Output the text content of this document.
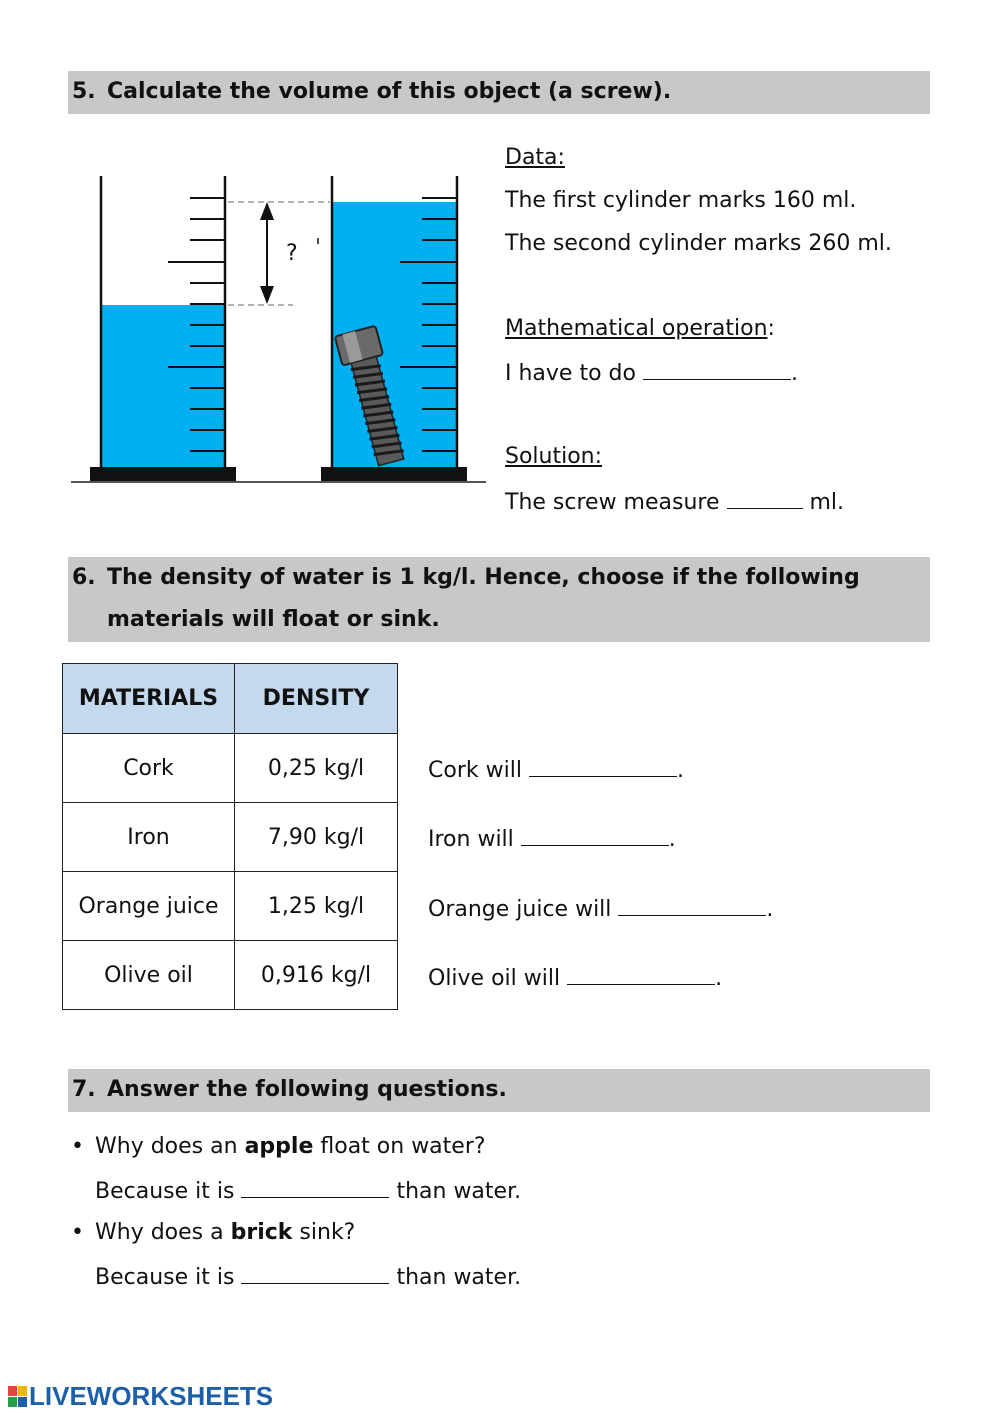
5. Calculate the volume of this object (a screw).
?
Data:
The first cylinder marks 160 ml.
The second cylinder marks 260 ml.
Mathematical operation:
I have to do	.
Solution:
The screw measure	ml.
6. The density of water is 1 kg/l. Hence, choose if the following
materials will float or sink.
MATERIALS	DENSITY
Cork	0,25 kg/l
Iron	7,90 kg/l
Orange juice	1,25 kg/l
Olive oil	0,916 kg/l
Cork will	.
Iron will	.
Orange juice will	.
Olive oil will	.
7. Answer the following questions.
• Why does an apple float on water?
Because it is	than water.
• Why does a brick sink?
Because it is	than water.
LIVEWORKSHEETS
